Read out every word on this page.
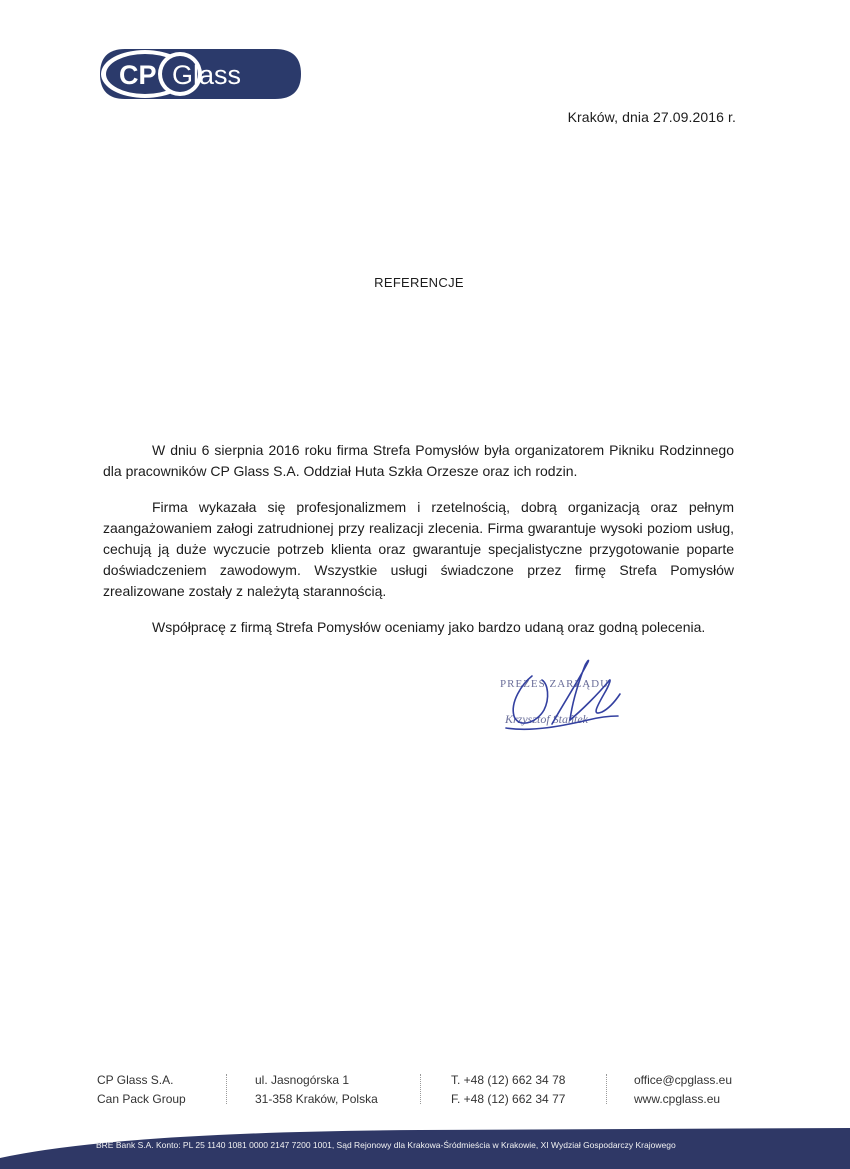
CP Glass
Kraków, dnia 27.09.2016 r.
REFERENCJE

W dniu 6 sierpnia 2016 roku firma Strefa Pomysłów była organizatorem Pikniku Rodzinnego dla pracowników CP Glass S.A. Oddział Huta Szkła Orzesze oraz ich rodzin.

Firma wykazała się profesjonalizmem i rzetelnością, dobrą organizacją oraz pełnym zaangażowaniem załogi zatrudnionej przy realizacji zlecenia. Firma gwarantuje wysoki poziom usług, cechują ją duże wyczucie potrzeb klienta oraz gwarantuje specjalistyczne przygotowanie poparte doświadczeniem zawodowym. Wszystkie usługi świadczone przez firmę Strefa Pomysłów zrealizowane zostały z należytą starannością.

Współpracę z firmą Strefa Pomysłów oceniamy jako bardzo udaną oraz godną polecenia.

PREZES ZARZĄDU
Krzysztof Stańtek
CP Glass S.A.
Can Pack Group
ul. Jasnogórska 1
31-358 Kraków, Polska
T. +48 (12) 662 34 78
F. +48 (12) 662 34 77
office@cpglass.eu
www.cpglass.eu
BRE Bank S.A. Konto: PL 25 1140 1081 0000 2147 7200 1001, Sąd Rejonowy dla Krakowa-Śródmieścia w Krakowie, XI Wydział Gospodarczy Krajowego
